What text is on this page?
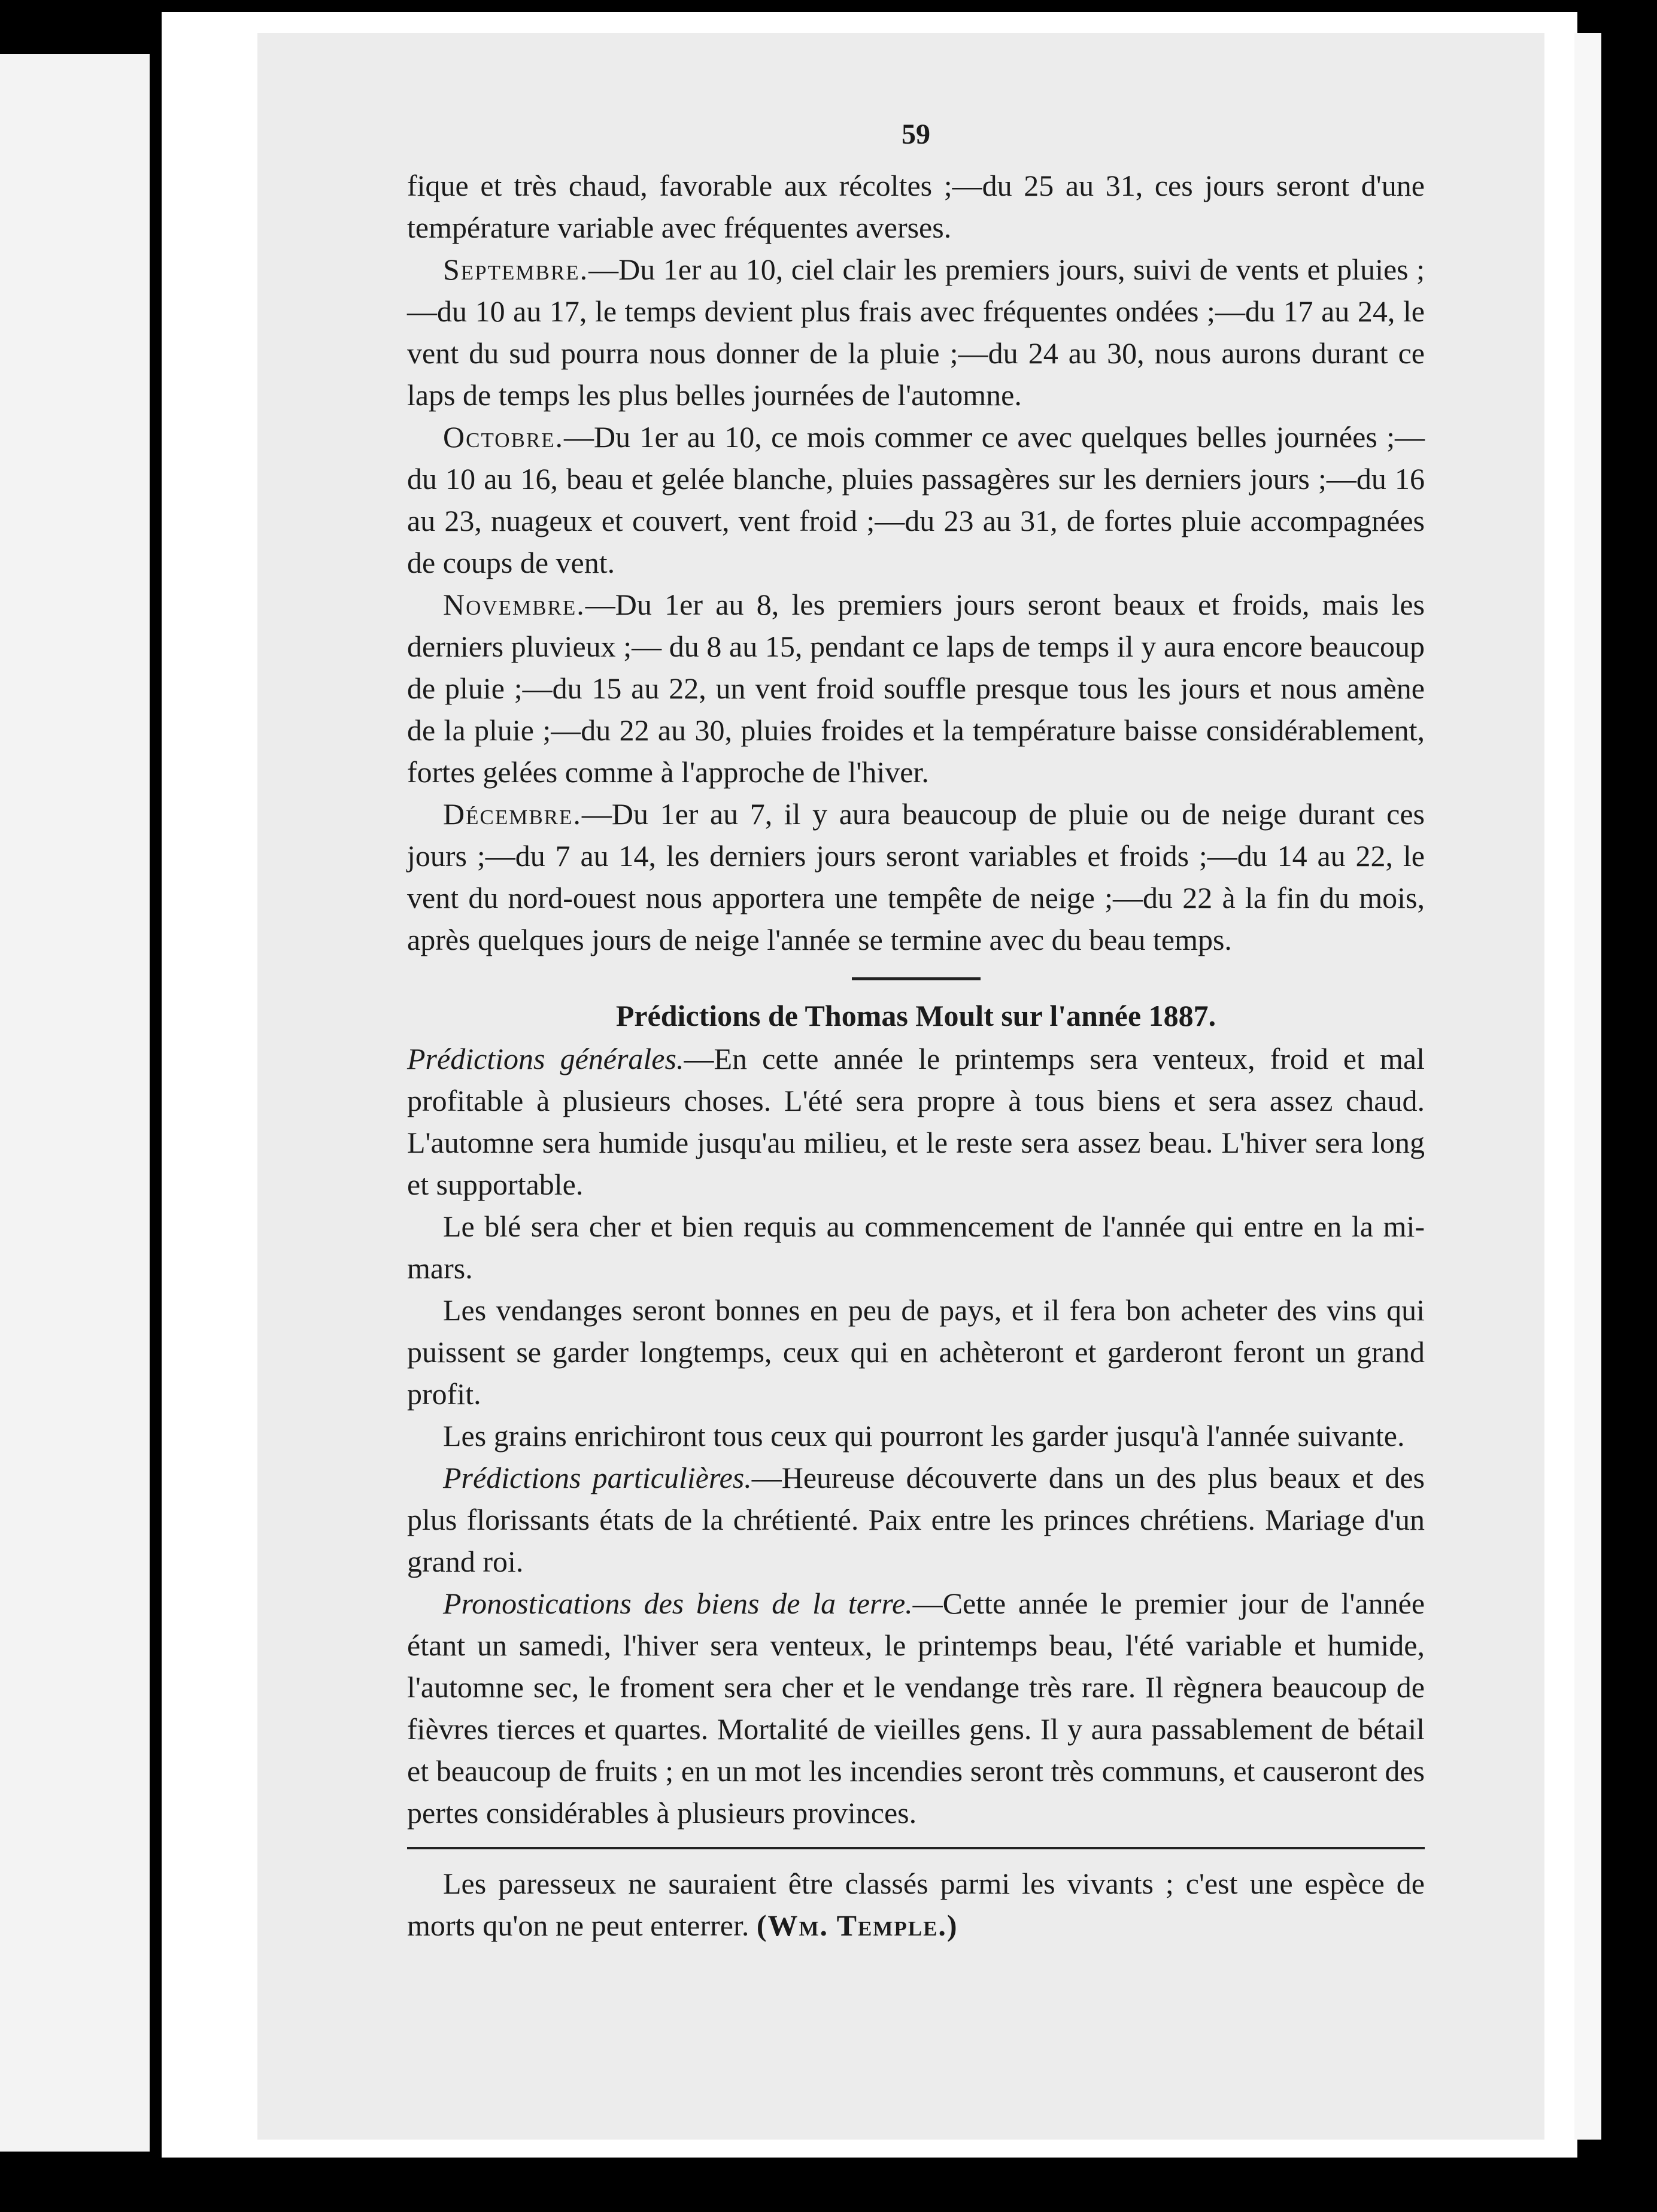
59

fique et très chaud, favorable aux récoltes ;—du 25 au 31, ces jours seront d'une température variable avec fréquentes averses.

Septembre.—Du 1er au 10, ciel clair les premiers jours, suivi de vents et pluies ;—du 10 au 17, le temps devient plus frais avec fréquentes ondées ;—du 17 au 24, le vent du sud pourra nous donner de la pluie ;—du 24 au 30, nous aurons durant ce laps de temps les plus belles journées de l'automne.

Octobre.—Du 1er au 10, ce mois commer ce avec quelques belles journées ;—du 10 au 16, beau et gelée blanche, pluies passagères sur les derniers jours ;—du 16 au 23, nuageux et couvert, vent froid ;—du 23 au 31, de fortes pluie accompagnées de coups de vent.

Novembre.—Du 1er au 8, les premiers jours seront beaux et froids, mais les derniers pluvieux ;— du 8 au 15, pendant ce laps de temps il y aura encore beaucoup de pluie ;—du 15 au 22, un vent froid souffle presque tous les jours et nous amène de la pluie ;—du 22 au 30, pluies froides et la température baisse considérablement, fortes gelées comme à l'approche de l'hiver.

Décembre.—Du 1er au 7, il y aura beaucoup de pluie ou de neige durant ces jours ;—du 7 au 14, les derniers jours seront variables et froids ;—du 14 au 22, le vent du nord-ouest nous apportera une tempête de neige ;—du 22 à la fin du mois, après quelques jours de neige l'année se termine avec du beau temps.

Prédictions de Thomas Moult sur l'année 1887.

Prédictions générales.—En cette année le printemps sera venteux, froid et mal profitable à plusieurs choses. L'été sera propre à tous biens et sera assez chaud. L'automne sera humide jusqu'au milieu, et le reste sera assez beau. L'hiver sera long et supportable.

Le blé sera cher et bien requis au commencement de l'année qui entre en la mi-mars.

Les vendanges seront bonnes en peu de pays, et il fera bon acheter des vins qui puissent se garder longtemps, ceux qui en achèteront et garderont feront un grand profit.

Les grains enrichiront tous ceux qui pourront les garder jusqu'à l'année suivante.

Prédictions particulières.—Heureuse découverte dans un des plus beaux et des plus florissants états de la chrétienté. Paix entre les princes chrétiens. Mariage d'un grand roi.

Pronostications des biens de la terre.—Cette année le premier jour de l'année étant un samedi, l'hiver sera venteux, le printemps beau, l'été variable et humide, l'automne sec, le froment sera cher et le vendange très rare. Il règnera beaucoup de fièvres tierces et quartes. Mortalité de vieilles gens. Il y aura passablement de bétail et beaucoup de fruits ; en un mot les incendies seront très communs, et causeront des pertes considérables à plusieurs provinces.

Les paresseux ne sauraient être classés parmi les vivants ; c'est une espèce de morts qu'on ne peut enterrer. (Wm. Temple.)
